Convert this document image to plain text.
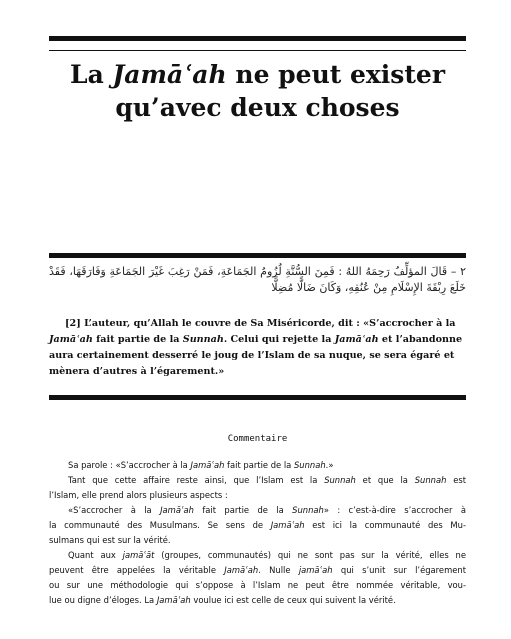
La Jamāʿah ne peut exister
qu’avec deux choses
٢ – قَالَ المؤلِّفُ رَحِمَهُ اللهُ : فَمِنَ السُّنَّةِ لُزُومُ الجَمَاعَةِ، فَمَنْ رَغِبَ غَيْرَ الجَمَاعَةِ وَفَارَقَهَا، فَقَدْ خَلَعَ رِبْقَةَ الإِسْلَامِ مِنْ عُنُقِهِ، وَكَانَ ضَالًّا مُضِلًّا
[2] L’auteur, qu’Allah le couvre de Sa Miséricorde, dit : «S’accrocher à la
Jamāʿah fait partie de la Sunnah. Celui qui rejette la Jamāʿah et l’abandonne
aura certainement desserré le joug de l’Islam de sa nuque, se sera égaré et
mènera d’autres à l’égarement.»
Commentaire

Sa parole : «S’accrocher à la Jamāʿah fait partie de la Sunnah.»

Tant que cette affaire reste ainsi, que l’Islam est la Sunnah et que la Sunnah est
l’Islam, elle prend alors plusieurs aspects :

«S’accrocher à la Jamāʿah fait partie de la Sunnah» : c’est-à-dire s’accrocher à
la communauté des Musulmans. Se sens de Jamāʿah est ici la communauté des Mu-
sulmans qui est sur la vérité.

Quant aux jamāʿāt (groupes, communautés) qui ne sont pas sur la vérité, elles ne
peuvent être appelées la véritable Jamāʿah. Nulle jamāʿah qui s’unit sur l’égarement
ou sur une méthodologie qui s’oppose à l’Islam ne peut être nommée véritable, vou-
lue ou digne d’éloges. La Jamāʿah voulue ici est celle de ceux qui suivent la vérité.
